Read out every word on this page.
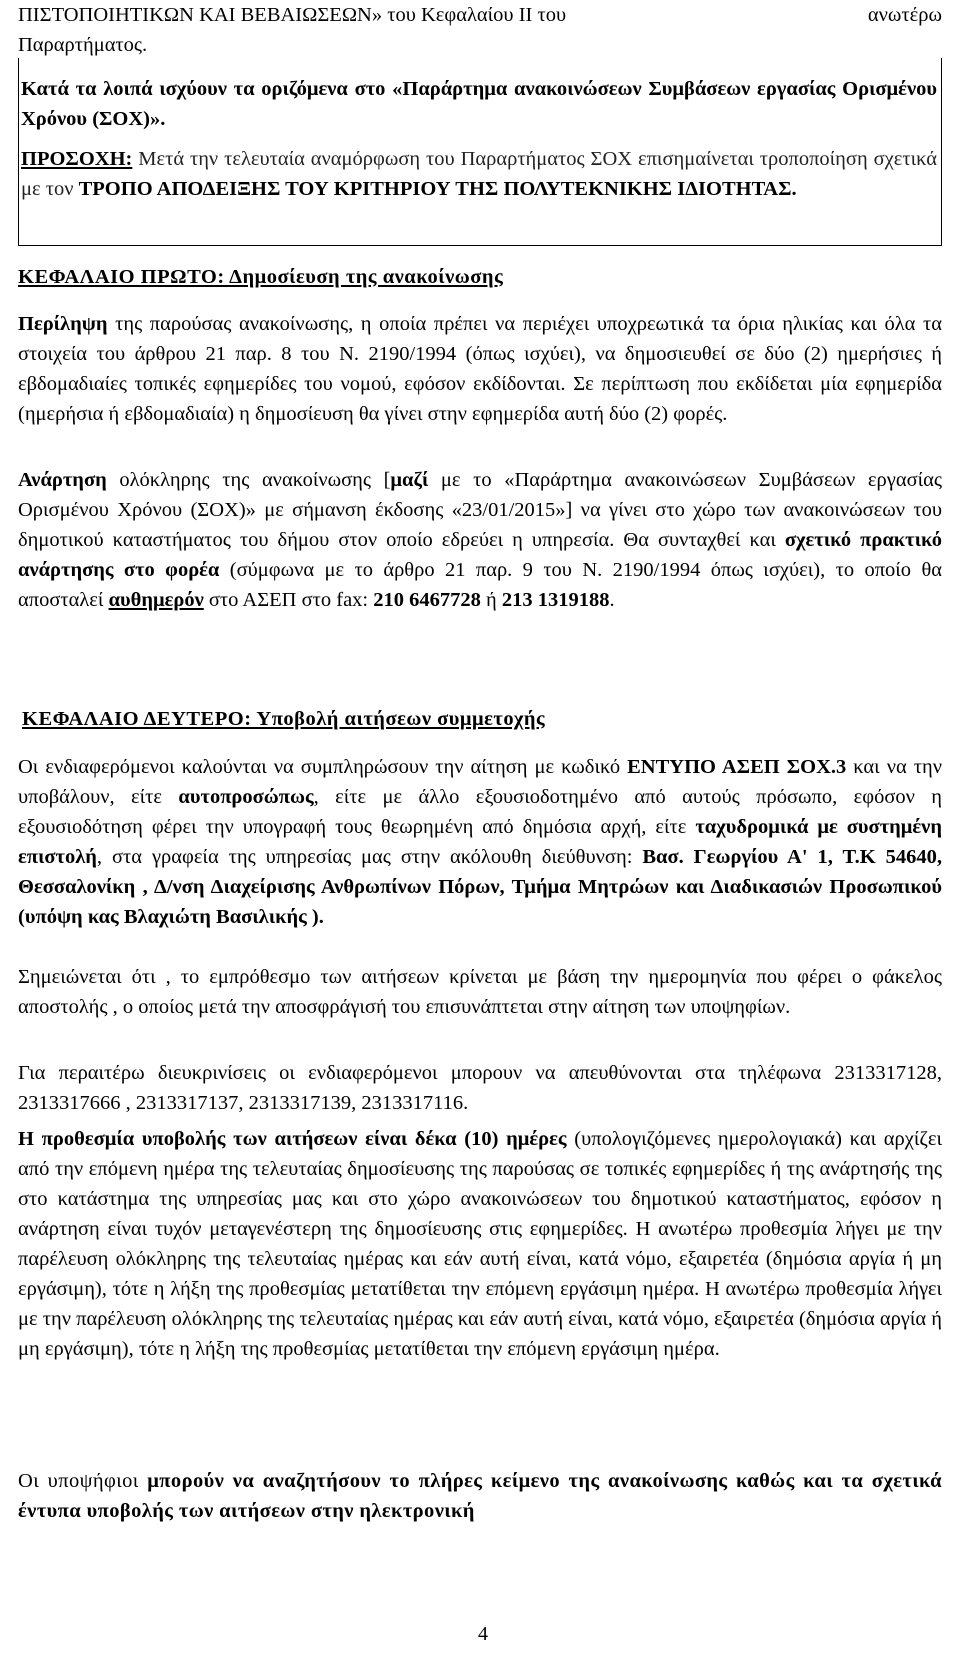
ΠΙΣΤΟΠΟΙΗΤΙΚΩΝ ΚΑΙ ΒΕΒΑΙΩΣΕΩΝ» του Κεφαλαίου ΙΙ του	ανωτέρω
Παραρτήματος.

Κατά τα λοιπά ισχύουν τα οριζόμενα στο «Παράρτημα ανακοινώσεων Συμβάσεων εργασίας Ορισμένου Χρόνου (ΣΟΧ)».

ΠΡΟΣΟΧΗ: Μετά την τελευταία αναμόρφωση του Παραρτήματος ΣΟΧ επισημαίνεται τροποποίηση σχετικά με τον ΤΡΟΠΟ ΑΠΟΔΕΙΞΗΣ ΤΟΥ ΚΡΙΤΗΡΙΟΥ ΤΗΣ ΠΟΛΥΤΕΚΝΙΚΗΣ ΙΔΙΟΤΗΤΑΣ.

ΚΕΦΑΛΑΙΟ ΠΡΩΤΟ: Δημοσίευση της ανακοίνωσης

Περίληψη της παρούσας ανακοίνωσης, η οποία πρέπει να περιέχει υποχρεωτικά τα όρια ηλικίας και όλα τα στοιχεία του άρθρου 21 παρ. 8 του Ν. 2190/1994 (όπως ισχύει), να δημοσιευθεί σε δύο (2) ημερήσιες ή εβδομαδιαίες τοπικές εφημερίδες του νομού, εφόσον εκδίδονται. Σε περίπτωση που εκδίδεται μία εφημερίδα (ημερήσια ή εβδομαδιαία) η δημοσίευση θα γίνει στην εφημερίδα αυτή δύο (2) φορές.

Ανάρτηση ολόκληρης της ανακοίνωσης [μαζί με το «Παράρτημα ανακοινώσεων Συμβάσεων εργασίας Ορισμένου Χρόνου (ΣΟΧ)» με σήμανση έκδοσης «23/01/2015»] να γίνει στο χώρο των ανακοινώσεων του δημοτικού καταστήματος του δήμου στον οποίο εδρεύει η υπηρεσία. Θα συνταχθεί και σχετικό πρακτικό ανάρτησης στο φορέα (σύμφωνα με το άρθρο 21 παρ. 9 του Ν. 2190/1994 όπως ισχύει), το οποίο θα αποσταλεί αυθημερόν στο ΑΣΕΠ στο fax: 210 6467728 ή 213 1319188.

ΚΕΦΑΛΑΙΟ ΔΕΥΤΕΡΟ: Υποβολή αιτήσεων συμμετοχής

Οι ενδιαφερόμενοι καλούνται να συμπληρώσουν την αίτηση με κωδικό ΕΝΤΥΠΟ ΑΣΕΠ ΣΟΧ.3 και να την υποβάλουν, είτε αυτοπροσώπως, είτε με άλλο εξουσιοδοτημένο από αυτούς πρόσωπο, εφόσον η εξουσιοδότηση φέρει την υπογραφή τους θεωρημένη από δημόσια αρχή, είτε ταχυδρομικά με συστημένη επιστολή, στα γραφεία της υπηρεσίας μας στην ακόλουθη διεύθυνση: Βασ. Γεωργίου Α' 1, Τ.Κ 54640, Θεσσαλονίκη , Δ/νση Διαχείρισης Ανθρωπίνων Πόρων, Τμήμα Μητρώων και Διαδικασιών Προσωπικού (υπόψη κας Βλαχιώτη Βασιλικής ).

Σημειώνεται ότι , το εμπρόθεσμο των αιτήσεων κρίνεται με βάση την ημερομηνία που φέρει ο φάκελος αποστολής , ο οποίος μετά την αποσφράγισή του επισυνάπτεται στην αίτηση των υποψηφίων.

Για περαιτέρω διευκρινίσεις οι ενδιαφερόμενοι μπορουν να απευθύνονται στα τηλέφωνα 2313317128, 2313317666 , 2313317137, 2313317139, 2313317116.

Η προθεσμία υποβολής των αιτήσεων είναι δέκα (10) ημέρες (υπολογιζόμενες ημερολογιακά) και αρχίζει από την επόμενη ημέρα της τελευταίας δημοσίευσης της παρούσας σε τοπικές εφημερίδες ή της ανάρτησής της στο κατάστημα της υπηρεσίας μας και στο χώρο ανακοινώσεων του δημοτικού καταστήματος, εφόσον η ανάρτηση είναι τυχόν μεταγενέστερη της δημοσίευσης στις εφημερίδες. Η ανωτέρω προθεσμία λήγει με την παρέλευση ολόκληρης της τελευταίας ημέρας και εάν αυτή είναι, κατά νόμο, εξαιρετέα (δημόσια αργία ή μη εργάσιμη), τότε η λήξη της προθεσμίας μετατίθεται την επόμενη εργάσιμη ημέρα. Η ανωτέρω προθεσμία λήγει με την παρέλευση ολόκληρης της τελευταίας ημέρας και εάν αυτή είναι, κατά νόμο, εξαιρετέα (δημόσια αργία ή μη εργάσιμη), τότε η λήξη της προθεσμίας μετατίθεται την επόμενη εργάσιμη ημέρα.

Οι υποψήφιοι μπορούν να αναζητήσουν το πλήρες κείμενο της ανακοίνωσης καθώς και τα σχετικά έντυπα υποβολής των αιτήσεων στην ηλεκτρονική

4
